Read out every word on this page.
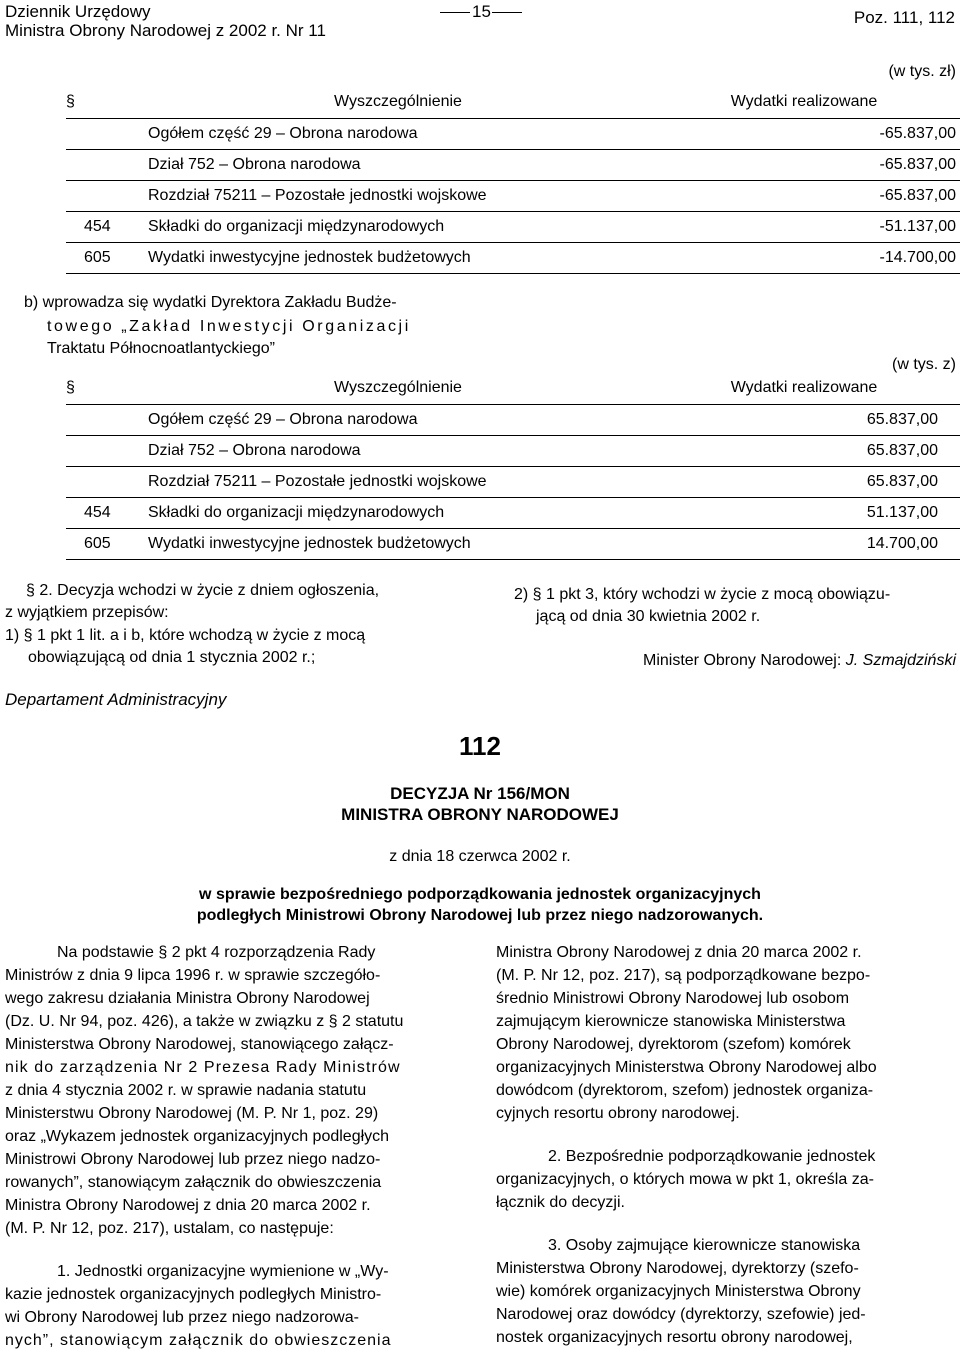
Dziennik Urzędowy
Ministra Obrony Narodowej z 2002 r. Nr 11
15	Poz. 111, 112
(w tys. zł)
§	Wyszczególnienie	Wydatki realizowane
	Ogółem część 29 – Obrona narodowa	-65.837,00
	Dział 752 – Obrona narodowa	-65.837,00
	Rozdział 75211 – Pozostałe jednostki wojskowe	-65.837,00
454	Składki do organizacji międzynarodowych	-51.137,00
605	Wydatki inwestycyjne jednostek budżetowych	-14.700,00
b) wprowadza się wydatki Dyrektora Zakładu Budże-
towego „Zakład Inwestycji Organizacji
Traktatu Północnoatlantyckiego”
(w tys. z)
§	Wyszczególnienie	Wydatki realizowane
	Ogółem część 29 – Obrona narodowa	65.837,00
	Dział 752 – Obrona narodowa	65.837,00
	Rozdział 75211 – Pozostałe jednostki wojskowe	65.837,00
454	Składki do organizacji międzynarodowych	51.137,00
605	Wydatki inwestycyjne jednostek budżetowych	14.700,00
§ 2. Decyzja wchodzi w życie z dniem ogłoszenia,
z wyjątkiem przepisów:
1) § 1 pkt 1 lit. a i b, które wchodzą w życie z mocą
obowiązującą od dnia 1 stycznia 2002 r.;
2) § 1 pkt 3, który wchodzi w życie z mocą obowiązu-
jącą od dnia 30 kwietnia 2002 r.
Minister Obrony Narodowej: J. Szmajdziński
Departament Administracyjny
112
DECYZJA Nr 156/MON
MINISTRA OBRONY NARODOWEJ
z dnia 18 czerwca 2002 r.
w sprawie bezpośredniego podporządkowania jednostek organizacyjnych
podległych Ministrowi Obrony Narodowej lub przez niego nadzorowanych.
Na podstawie § 2 pkt 4 rozporządzenia Rady
Ministrów z dnia 9 lipca 1996 r. w sprawie szczegóło-
wego zakresu działania Ministra Obrony Narodowej
(Dz. U. Nr 94, poz. 426), a także w związku z § 2 statutu
Ministerstwa Obrony Narodowej, stanowiącego załącz-
nik do zarządzenia Nr 2 Prezesa Rady Ministrów
z dnia 4 stycznia 2002 r. w sprawie nadania statutu
Ministerstwu Obrony Narodowej (M. P. Nr 1, poz. 29)
oraz „Wykazem jednostek organizacyjnych podległych
Ministrowi Obrony Narodowej lub przez niego nadzo-
rowanych”, stanowiącym załącznik do obwieszczenia
Ministra Obrony Narodowej z dnia 20 marca 2002 r.
(M. P. Nr 12, poz. 217), ustalam, co następuje:
1. Jednostki organizacyjne wymienione w „Wy-
kazie jednostek organizacyjnych podległych Ministro-
wi Obrony Narodowej lub przez niego nadzorowa-
nych”, stanowiącym załącznik do obwieszczenia
Ministra Obrony Narodowej z dnia 20 marca 2002 r.
(M. P. Nr 12, poz. 217), są podporządkowane bezpo-
średnio Ministrowi Obrony Narodowej lub osobom
zajmującym kierownicze stanowiska Ministerstwa
Obrony Narodowej, dyrektorom (szefom) komórek
organizacyjnych Ministerstwa Obrony Narodowej albo
dowódcom (dyrektorom, szefom) jednostek organiza-
cyjnych resortu obrony narodowej.
2. Bezpośrednie podporządkowanie jednostek
organizacyjnych, o których mowa w pkt 1, określa za-
łącznik do decyzji.
3. Osoby zajmujące kierownicze stanowiska
Ministerstwa Obrony Narodowej, dyrektorzy (szefo-
wie) komórek organizacyjnych Ministerstwa Obrony
Narodowej oraz dowódcy (dyrektorzy, szefowie) jed-
nostek organizacyjnych resortu obrony narodowej,
